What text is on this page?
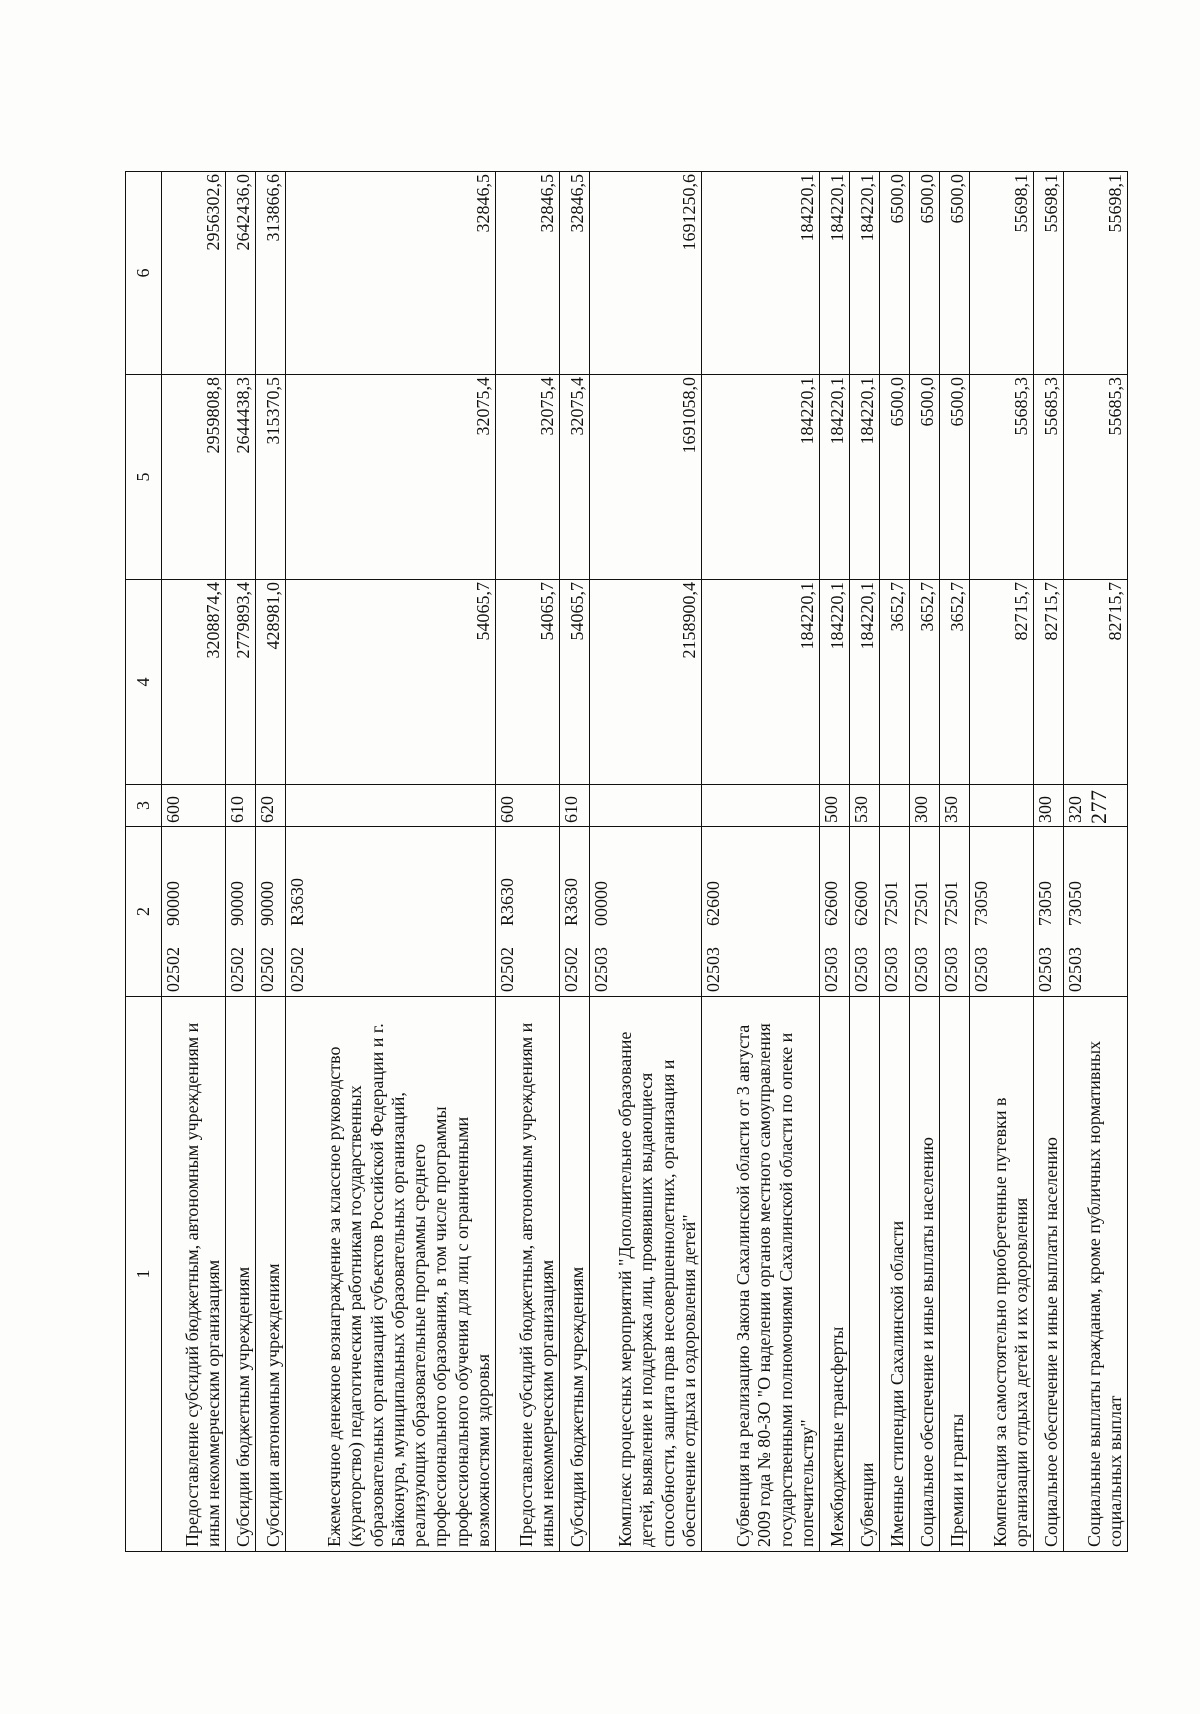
277
1	2	3	4	5	6
Предоставление субсидий бюджетным, автономным учреждениям и иным некоммерческим организациям	0250290000	600	3208874,4	2959808,8	2956302,6
Субсидии бюджетным учреждениям	0250290000	610	2779893,4	2644438,3	2642436,0
Субсидии автономным учреждениям	0250290000	620	428981,0	315370,5	313866,6
Ежемесячное денежное вознаграждение за классное руководство (кураторство) педагогическим работникам государственных образовательных организаций субъектов Российской Федерации и г. Байконура, муниципальных образовательных организаций, реализующих образовательные программы среднего профессионального образования, в том числе программы профессионального обучения для лиц с ограниченными возможностями здоровья	02502R3630		54065,7	32075,4	32846,5
Предоставление субсидий бюджетным, автономным учреждениям и иным некоммерческим организациям	02502R3630	600	54065,7	32075,4	32846,5
Субсидии бюджетным учреждениям	02502R3630	610	54065,7	32075,4	32846,5
Комплекс процессных мероприятий "Дополнительное образование детей, выявление и поддержка лиц, проявивших выдающиеся способности, защита прав несовершеннолетних, организация и обеспечение отдыха и оздоровления детей"	0250300000		2158900,4	1691058,0	1691250,6
Субвенция на реализацию Закона Сахалинской области от 3 августа 2009 года № 80-ЗО "О наделении органов местного самоуправления государственными полномочиями Сахалинской области по опеке и попечительству"	0250362600		184220,1	184220,1	184220,1
Межбюджетные трансферты	0250362600	500	184220,1	184220,1	184220,1
Субвенции	0250362600	530	184220,1	184220,1	184220,1
Именные стипендии Сахалинской области	0250372501		3652,7	6500,0	6500,0
Социальное обеспечение и иные выплаты населению	0250372501	300	3652,7	6500,0	6500,0
Премии и гранты	0250372501	350	3652,7	6500,0	6500,0
Компенсация за самостоятельно приобретенные путевки в организации отдыха детей и их оздоровления	0250373050		82715,7	55685,3	55698,1
Социальное обеспечение и иные выплаты населению	0250373050	300	82715,7	55685,3	55698,1
Социальные выплаты гражданам, кроме публичных нормативных социальных выплат	0250373050	320	82715,7	55685,3	55698,1
